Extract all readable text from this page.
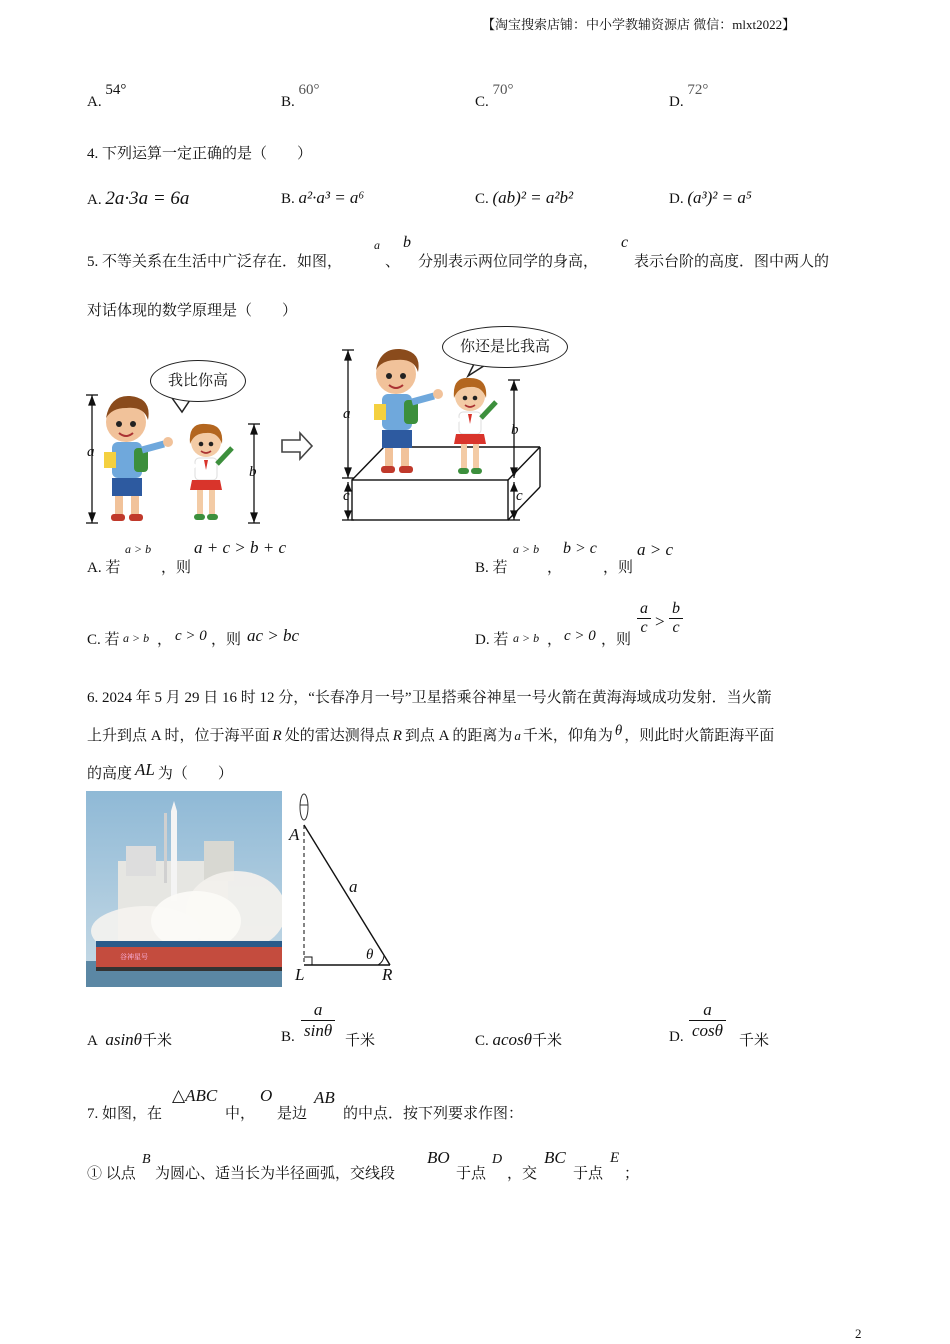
【淘宝搜索店铺：中小学教辅资源店 微信：mlxt2022】
A. 54°
B. 60°
C. 70°
D. 72°
4. 下列运算一定正确的是（　　）
A. 2a·3a = 6a	B. a²·a³ = a⁶	C. (ab)² = a²b²	D. (a³)² = a⁵
5. 不等关系在生活中广泛存在．如图，
a
、
b
分别表示两位同学的身高，
c
表示台阶的高度．图中两人的
对话体现的数学原理是（　　）
我比你高
你还是比我高
a
b
a
c
b
c
A. 若
a > b
，则
a + c > b + c
B. 若
a > b
，
b > c
，则
a > c
C. 若 a > b ， c > 0 ，则 ac > bc	D. 若 a > b ， c > 0 ，则
$\frac{a}{c} > \frac{b}{c}$
6. 2024 年 5 月 29 日 16 时 12 分，“长春净月一号”卫星搭乘谷神星一号火箭在黄海海域成功发射．当火箭
上升到点 A 时，位于海平面 R 处的雷达测得点 R 到点 A 的距离为 a 千米，仰角为 θ ，则此时火箭距海平面
的高度 AL 为（　　）
谷神星号
A
L	R
a
θ
A asinθ千米	B. $\frac{a}{\sin\theta}$ 千米	C. acosθ千米	D. $\frac{a}{\cos\theta}$ 千米
7. 如图，在
△ABC
中，
O
是边
AB
的中点．按下列要求作图：
① 以点
B
为圆心、适当长为半径画弧，交线段
BO
于点
D
，交
BC
于点
E
；
2
